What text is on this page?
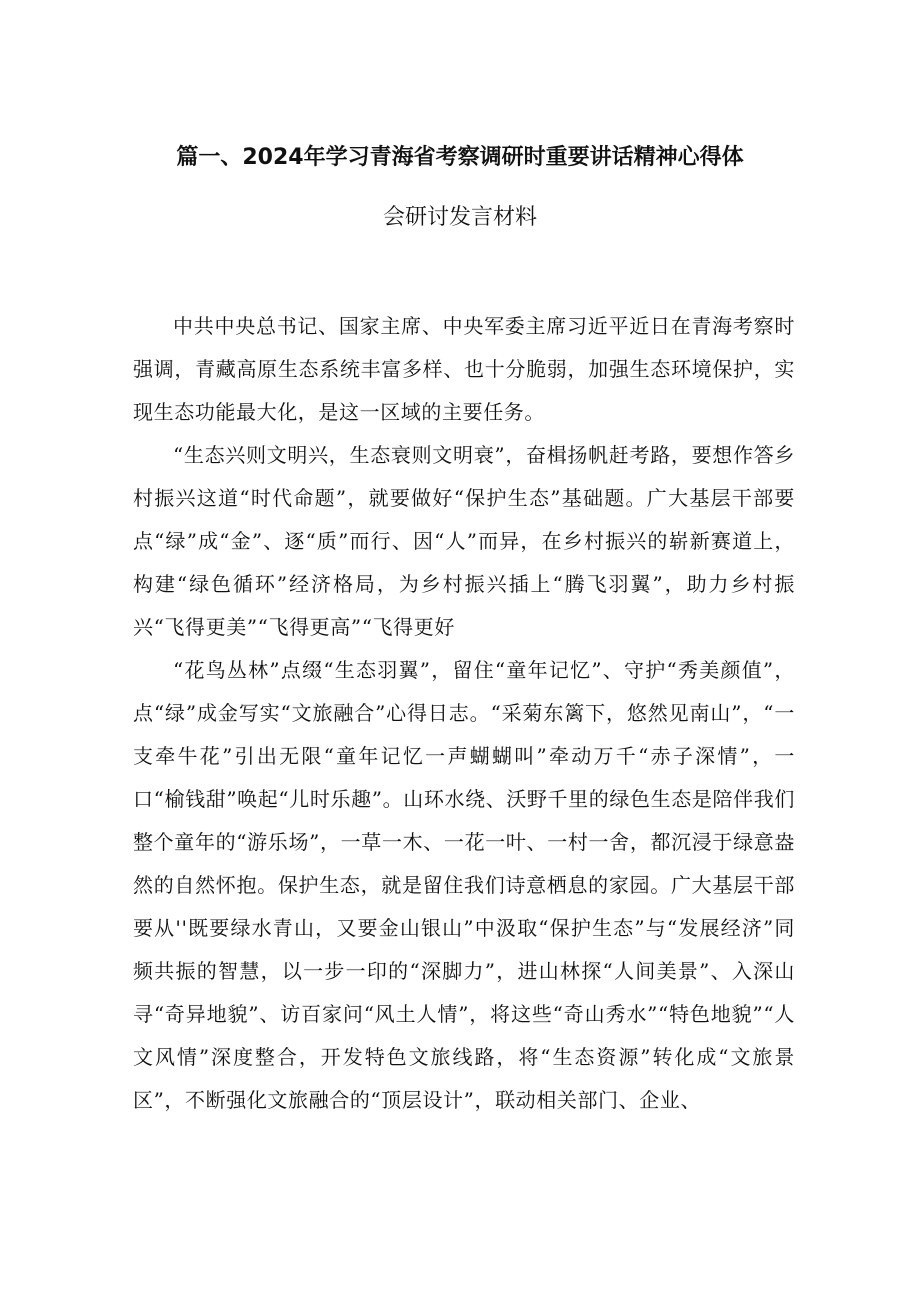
篇一、2024年学习青海省考察调研时重要讲话精神心得体
会研讨发言材料

中共中央总书记、国家主席、中央军委主席习近平近日在青海考察时强调，青藏高原生态系统丰富多样、也十分脆弱，加强生态环境保护，实现生态功能最大化，是这一区域的主要任务。

“生态兴则文明兴，生态衰则文明衰”，奋楫扬帆赶考路，要想作答乡村振兴这道“时代命题”，就要做好“保护生态”基础题。广大基层干部要点“绿”成“金”、逐“质”而行、因“人”而异，在乡村振兴的崭新赛道上，构建“绿色循环”经济格局，为乡村振兴插上“腾飞羽翼”，助力乡村振兴“飞得更美”“飞得更高”“飞得更好

“花鸟丛林”点缀“生态羽翼”，留住“童年记忆”、守护“秀美颜值”，点“绿”成金写实“文旅融合”心得日志。“采菊东篱下，悠然见南山”，“一支牵牛花”引出无限“童年记忆一声蝴蝴叫”牵动万千“赤子深情”，一口“榆钱甜”唤起“儿时乐趣”。山环水绕、沃野千里的绿色生态是陪伴我们整个童年的“游乐场”，一草一木、一花一叶、一村一舍，都沉浸于绿意盎然的自然怀抱。保护生态，就是留住我们诗意栖息的家园。广大基层干部要从''既要绿水青山，又要金山银山”中汲取“保护生态”与“发展经济”同频共振的智慧，以一步一印的“深脚力”，进山林探“人间美景”、入深山寻“奇异地貌”、访百家问“风土人情”，将这些“奇山秀水”“特色地貌”“人文风情”深度整合，开发特色文旅线路，将“生态资源”转化成“文旅景区”，不断强化文旅融合的“顶层设计”，联动相关部门、企业、
